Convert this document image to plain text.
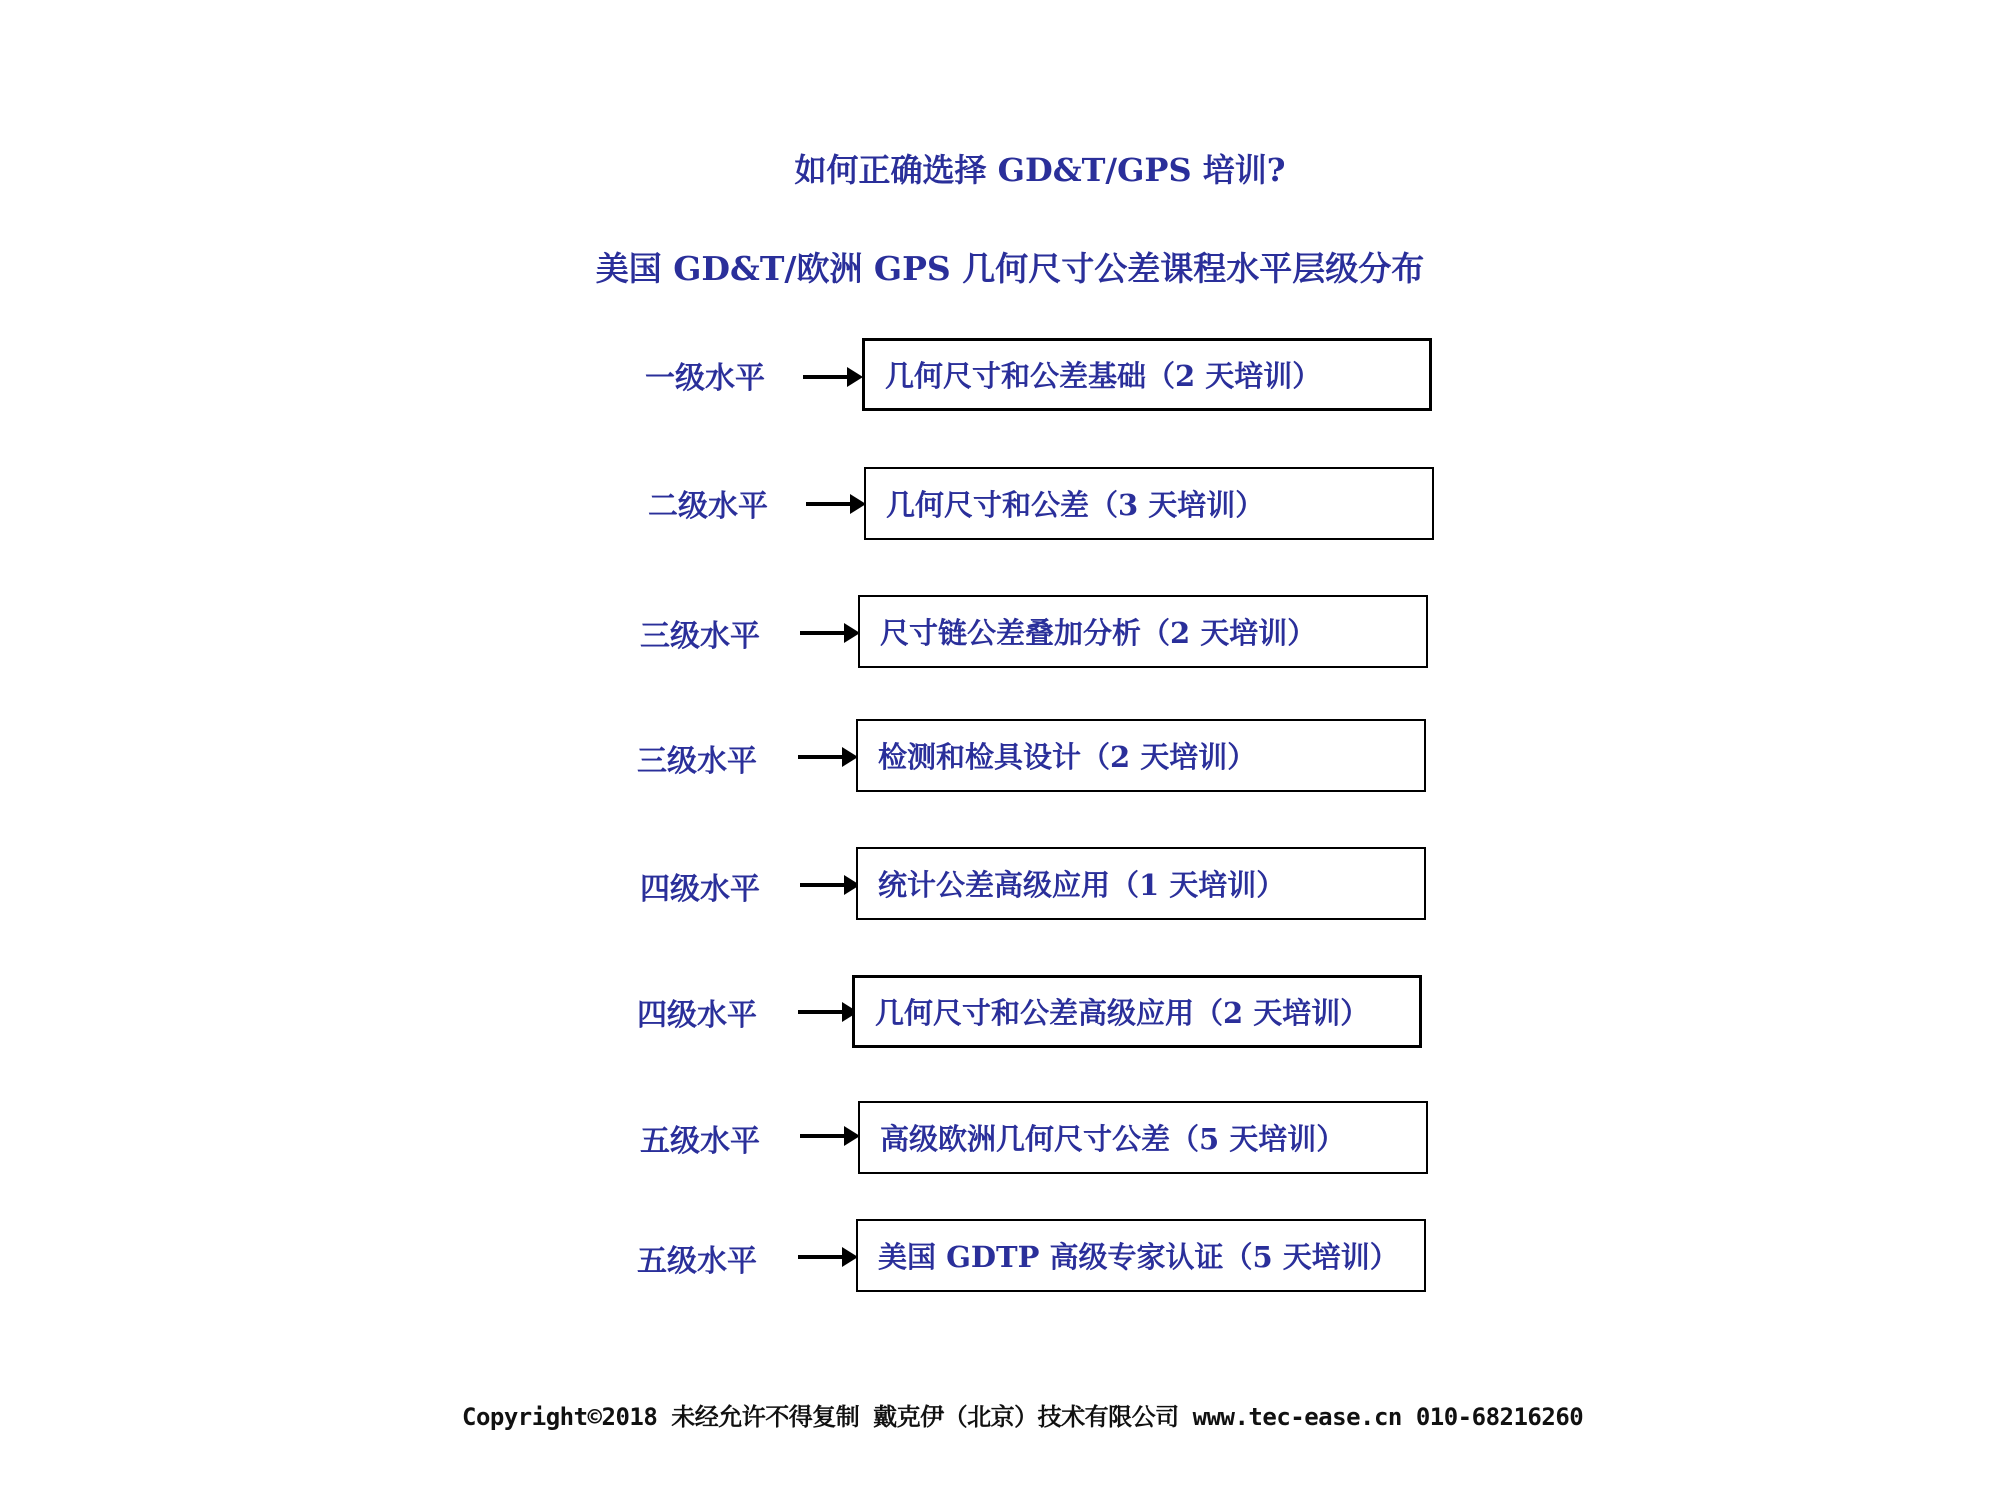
如何正确选择 GD&T/GPS 培训?
美国 GD&T/欧洲 GPS 几何尺寸公差课程水平层级分布
一级水平	几何尺寸和公差基础（2 天培训）
二级水平	几何尺寸和公差（3 天培训）
三级水平	尺寸链公差叠加分析（2 天培训）
三级水平	检测和检具设计（2 天培训）
四级水平	统计公差高级应用（1 天培训）
四级水平	几何尺寸和公差高级应用（2 天培训）
五级水平	高级欧洲几何尺寸公差（5 天培训）
五级水平	美国 GDTP 高级专家认证（5 天培训）
Copyright©2018 未经允许不得复制 戴克伊（北京）技术有限公司 www.tec-ease.cn 010-68216260
